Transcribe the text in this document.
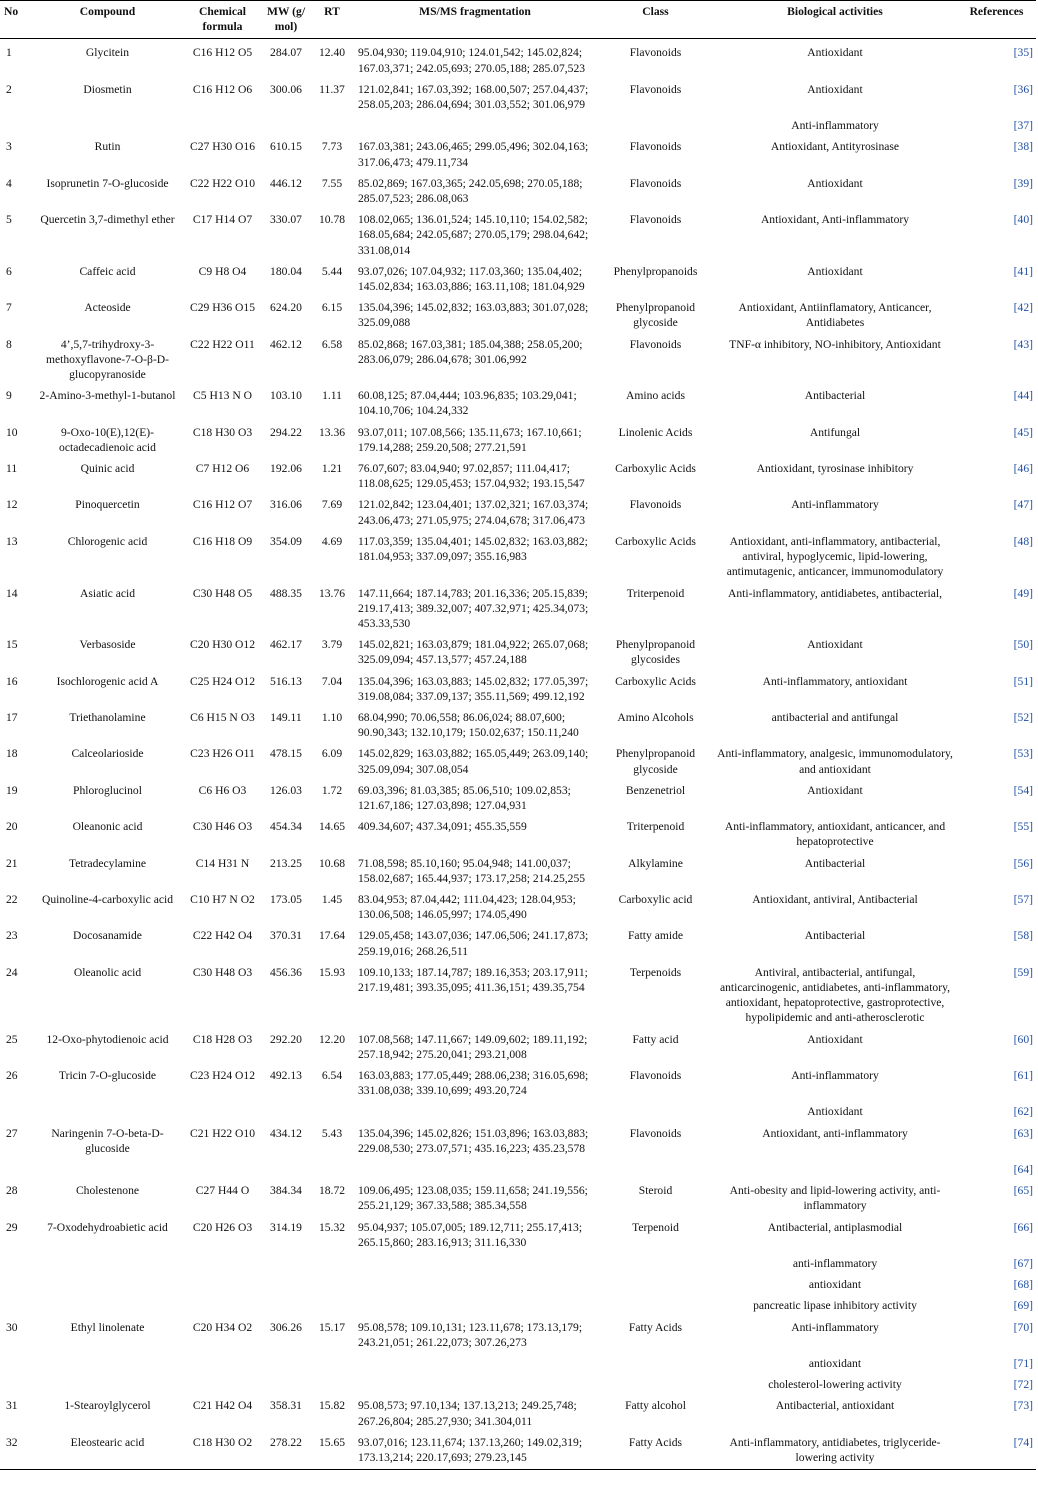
No	Compound	Chemical formula	MW (g/ mol)	RT	MS/MS fragmentation	Class	Biological activities	References
1	Glycitein	C16 H12 O5	284.07	12.40	95.04,930; 119.04,910; 124.01,542; 145.02,824; 167.03,371; 242.05,693; 270.05,188; 285.07,523	Flavonoids	Antioxidant	[35]
2	Diosmetin	C16 H12 O6	300.06	11.37	121.02,841; 167.03,392; 168.00,507; 257.04,437; 258.05,203; 286.04,694; 301.03,552; 301.06,979	Flavonoids	Antioxidant	[36]
							Anti-inflammatory	[37]
3	Rutin	C27 H30 O16	610.15	7.73	167.03,381; 243.06,465; 299.05,496; 302.04,163; 317.06,473; 479.11,734	Flavonoids	Antioxidant, Antityrosinase	[38]
4	Isoprunetin 7-O-glucoside	C22 H22 O10	446.12	7.55	85.02,869; 167.03,365; 242.05,698; 270.05,188; 285.07,523; 286.08,063	Flavonoids	Antioxidant	[39]
5	Quercetin 3,7-dimethyl ether	C17 H14 O7	330.07	10.78	108.02,065; 136.01,524; 145.10,110; 154.02,582; 168.05,684; 242.05,687; 270.05,179; 298.04,642; 331.08,014	Flavonoids	Antioxidant, Anti-inflammatory	[40]
6	Caffeic acid	C9 H8 O4	180.04	5.44	93.07,026; 107.04,932; 117.03,360; 135.04,402; 145.02,834; 163.03,886; 163.11,108; 181.04,929	Phenylpropanoids	Antioxidant	[41]
7	Acteoside	C29 H36 O15	624.20	6.15	135.04,396; 145.02,832; 163.03,883; 301.07,028; 325.09,088	Phenylpropanoid glycoside	Antioxidant, Antiinflamatory, Anticancer, Antidiabetes	[42]
8	4’,5,7-trihydroxy-3-methoxyflavone-7-O-β-D-glucopyranoside	C22 H22 O11	462.12	6.58	85.02,868; 167.03,381; 185.04,388; 258.05,200; 283.06,079; 286.04,678; 301.06,992	Flavonoids	TNF-α inhibitory, NO-inhibitory, Antioxidant	[43]
9	2-Amino-3-methyl-1-butanol	C5 H13 N O	103.10	1.11	60.08,125; 87.04,444; 103.96,835; 103.29,041; 104.10,706; 104.24,332	Amino acids	Antibacterial	[44]
10	9-Oxo-10(E),12(E)-octadecadienoic acid	C18 H30 O3	294.22	13.36	93.07,011; 107.08,566; 135.11,673; 167.10,661; 179.14,288; 259.20,508; 277.21,591	Linolenic Acids	Antifungal	[45]
11	Quinic acid	C7 H12 O6	192.06	1.21	76.07,607; 83.04,940; 97.02,857; 111.04,417; 118.08,625; 129.05,453; 157.04,932; 193.15,547	Carboxylic Acids	Antioxidant, tyrosinase inhibitory	[46]
12	Pinoquercetin	C16 H12 O7	316.06	7.69	121.02,842; 123.04,401; 137.02,321; 167.03,374; 243.06,473; 271.05,975; 274.04,678; 317.06,473	Flavonoids	Anti-inflammatory	[47]
13	Chlorogenic acid	C16 H18 O9	354.09	4.69	117.03,359; 135.04,401; 145.02,832; 163.03,882; 181.04,953; 337.09,097; 355.16,983	Carboxylic Acids	Antioxidant, anti-inflammatory, antibacterial, antiviral, hypoglycemic, lipid-lowering, antimutagenic, anticancer, immunomodulatory	[48]
14	Asiatic acid	C30 H48 O5	488.35	13.76	147.11,664; 187.14,783; 201.16,336; 205.15,839; 219.17,413; 389.32,007; 407.32,971; 425.34,073; 453.33,530	Triterpenoid	Anti-inflammatory, antidiabetes, antibacterial,	[49]
15	Verbasoside	C20 H30 O12	462.17	3.79	145.02,821; 163.03,879; 181.04,922; 265.07,068; 325.09,094; 457.13,577; 457.24,188	Phenylpropanoid glycosides	Antioxidant	[50]
16	Isochlorogenic acid A	C25 H24 O12	516.13	7.04	135.04,396; 163.03,883; 145.02,832; 177.05,397; 319.08,084; 337.09,137; 355.11,569; 499.12,192	Carboxylic Acids	Anti-inflammatory, antioxidant	[51]
17	Triethanolamine	C6 H15 N O3	149.11	1.10	68.04,990; 70.06,558; 86.06,024; 88.07,600; 90.90,343; 132.10,179; 150.02,637; 150.11,240	Amino Alcohols	antibacterial and antifungal	[52]
18	Calceolarioside	C23 H26 O11	478.15	6.09	145.02,829; 163.03,882; 165.05,449; 263.09,140; 325.09,094; 307.08,054	Phenylpropanoid glycoside	Anti-inflammatory, analgesic, immunomodulatory, and antioxidant	[53]
19	Phloroglucinol	C6 H6 O3	126.03	1.72	69.03,396; 81.03,385; 85.06,510; 109.02,853; 121.67,186; 127.03,898; 127.04,931	Benzenetriol	Antioxidant	[54]
20	Oleanonic acid	C30 H46 O3	454.34	14.65	409.34,607; 437.34,091; 455.35,559	Triterpenoid	Anti-inflammatory, antioxidant, anticancer, and hepatoprotective	[55]
21	Tetradecylamine	C14 H31 N	213.25	10.68	71.08,598; 85.10,160; 95.04,948; 141.00,037; 158.02,687; 165.44,937; 173.17,258; 214.25,255	Alkylamine	Antibacterial	[56]
22	Quinoline-4-carboxylic acid	C10 H7 N O2	173.05	1.45	83.04,953; 87.04,442; 111.04,423; 128.04,953; 130.06,508; 146.05,997; 174.05,490	Carboxylic acid	Antioxidant, antiviral, Antibacterial	[57]
23	Docosanamide	C22 H42 O4	370.31	17.64	129.05,458; 143.07,036; 147.06,506; 241.17,873; 259.19,016; 268.26,511	Fatty amide	Antibacterial	[58]
24	Oleanolic acid	C30 H48 O3	456.36	15.93	109.10,133; 187.14,787; 189.16,353; 203.17,911; 217.19,481; 393.35,095; 411.36,151; 439.35,754	Terpenoids	Antiviral, antibacterial, antifungal, anticarcinogenic, antidiabetes, anti-inflammatory, antioxidant, hepatoprotective, gastroprotective, hypolipidemic and anti-atherosclerotic	[59]
25	12-Oxo-phytodienoic acid	C18 H28 O3	292.20	12.20	107.08,568; 147.11,667; 149.09,602; 189.11,192; 257.18,942; 275.20,041; 293.21,008	Fatty acid	Antioxidant	[60]
26	Tricin 7-O-glucoside	C23 H24 O12	492.13	6.54	163.03,883; 177.05,449; 288.06,238; 316.05,698; 331.08,038; 339.10,699; 493.20,724	Flavonoids	Anti-inflammatory	[61]
							Antioxidant	[62]
27	Naringenin 7-O-beta-D-glucoside	C21 H22 O10	434.12	5.43	135.04,396; 145.02,826; 151.03,896; 163.03,883; 229.08,530; 273.07,571; 435.16,223; 435.23,578	Flavonoids	Antioxidant, anti-inflammatory	[63]
								[64]
28	Cholestenone	C27 H44 O	384.34	18.72	109.06,495; 123.08,035; 159.11,658; 241.19,556; 255.21,129; 367.33,588; 385.34,558	Steroid	Anti-obesity and lipid-lowering activity, anti-inflammatory	[65]
29	7-Oxodehydroabietic acid	C20 H26 O3	314.19	15.32	95.04,937; 105.07,005; 189.12,711; 255.17,413; 265.15,860; 283.16,913; 311.16,330	Terpenoid	Antibacterial, antiplasmodial	[66]
							anti-inflammatory	[67]
							antioxidant	[68]
							pancreatic lipase inhibitory activity	[69]
30	Ethyl linolenate	C20 H34 O2	306.26	15.17	95.08,578; 109.10,131; 123.11,678; 173.13,179; 243.21,051; 261.22,073; 307.26,273	Fatty Acids	Anti-inflammatory	[70]
							antioxidant	[71]
							cholesterol-lowering activity	[72]
31	1-Stearoylglycerol	C21 H42 O4	358.31	15.82	95.08,573; 97.10,134; 137.13,213; 249.25,748; 267.26,804; 285.27,930; 341.304,011	Fatty alcohol	Antibacterial, antioxidant	[73]
32	Eleostearic acid	C18 H30 O2	278.22	15.65	93.07,016; 123.11,674; 137.13,260; 149.02,319; 173.13,214; 220.17,693; 279.23,145	Fatty Acids	Anti-inflammatory, antidiabetes, triglyceride-lowering activity	[74]
